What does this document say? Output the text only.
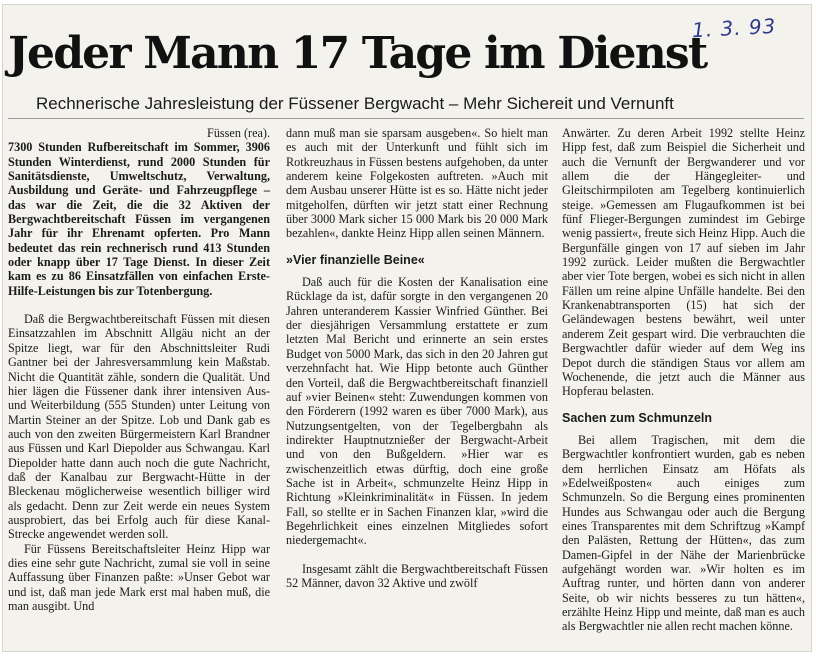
1. 3. 93
Jeder Mann 17 Tage im Dienst
Rechnerische Jahresleistung der Füssener Bergwacht – Mehr Sichereit und Vernunft

Füssen (rea).

7300 Stunden Rufbereitschaft im Sommer, 3906 Stunden Winterdienst, rund 2000 Stunden für Sanitätsdienste, Umweltschutz, Verwaltung, Ausbildung und Geräte- und Fahrzeugpflege – das war die Zeit, die die 32 Aktiven der Bergwachtbereitschaft Füssen im vergangenen Jahr für ihr Ehrenamt opferten. Pro Mann bedeutet das rein rechnerisch rund 413 Stunden oder knapp über 17 Tage Dienst. In dieser Zeit kam es zu 86 Einsatzfällen von einfachen Erste-Hilfe-Leistungen bis zur Totenbergung.

Daß die Bergwachtbereitschaft Füssen mit diesen Einsatzzahlen im Abschnitt Allgäu nicht an der Spitze liegt, war für den Abschnittsleiter Rudi Gantner bei der Jahresversammlung kein Maßstab. Nicht die Quantität zähle, sondern die Qualität. Und hier lägen die Füssener dank ihrer intensiven Aus- und Weiterbildung (555 Stunden) unter Leitung von Martin Steiner an der Spitze. Lob und Dank gab es auch von den zweiten Bürgermeistern Karl Brandner aus Füssen und Karl Diepolder aus Schwangau. Karl Diepolder hatte dann auch noch die gute Nachricht, daß der Kanalbau zur Bergwacht-Hütte in der Bleckenau möglicherweise wesentlich billiger wird als gedacht. Denn zur Zeit werde ein neues System ausprobiert, das bei Erfolg auch für diese Kanal-Strecke angewendet werden soll.

Für Füssens Bereitschaftsleiter Heinz Hipp war dies eine sehr gute Nachricht, zumal sie voll in seine Auffassung über Finanzen paßte: »Unser Gebot war und ist, daß man jede Mark erst mal haben muß, die man ausgibt. Und

dann muß man sie sparsam ausgeben«. So hielt man es auch mit der Unterkunft und fühlt sich im Rotkreuzhaus in Füssen bestens aufgehoben, da unter anderem keine Folgekosten auftreten. »Auch mit dem Ausbau unserer Hütte ist es so. Hätte nicht jeder mitgeholfen, dürften wir jetzt statt einer Rechnung über 3000 Mark sicher 15 000 Mark bis 20 000 Mark bezahlen«, dankte Heinz Hipp allen seinen Männern.

»Vier finanzielle Beine«

Daß auch für die Kosten der Kanalisation eine Rücklage da ist, dafür sorgte in den vergangenen 20 Jahren unteranderem Kassier Winfried Günther. Bei der diesjährigen Versammlung erstattete er zum letzten Mal Bericht und erinnerte an sein erstes Budget von 5000 Mark, das sich in den 20 Jahren gut verzehnfacht hat. Wie Hipp betonte auch Günther den Vorteil, daß die Bergwachtbereitschaft finanziell auf »vier Beinen« steht: Zuwendungen kommen von den Förderern (1992 waren es über 7000 Mark), aus Nutzungsentgelten, von der Tegelbergbahn als indirekter Hauptnutznießer der Bergwacht-Arbeit und von den Bußgeldern. »Hier war es zwischenzeitlich etwas dürftig, doch eine große Sache ist in Arbeit«, schmunzelte Heinz Hipp in Richtung »Kleinkriminalität« in Füssen. In jedem Fall, so stellte er in Sachen Finanzen klar, »wird die Begehrlichkeit eines einzelnen Mitgliedes sofort niedergemacht«.

Insgesamt zählt die Bergwachtbereitschaft Füssen 52 Männer, davon 32 Aktive und zwölf

Anwärter. Zu deren Arbeit 1992 stellte Heinz Hipp fest, daß zum Beispiel die Sicherheit und auch die Vernunft der Bergwanderer und vor allem die der Hängegleiter- und Gleitschirmpiloten am Tegelberg kontinuierlich steige. »Gemessen am Flugaufkommen ist bei fünf Flieger-Bergungen zumindest im Gebirge wenig passiert«, freute sich Heinz Hipp. Auch die Bergunfälle gingen von 17 auf sieben im Jahr 1992 zurück. Leider mußten die Bergwachtler aber vier Tote bergen, wobei es sich nicht in allen Fällen um reine alpine Unfälle handelte. Bei den Krankenabtransporten (15) hat sich der Geländewagen bestens bewährt, weil unter anderem Zeit gespart wird. Die verbrauchten die Bergwachtler dafür wieder auf dem Weg ins Depot durch die ständigen Staus vor allem am Wochenende, die jetzt auch die Männer aus Hopferau belasten.

Sachen zum Schmunzeln

Bei allem Tragischen, mit dem die Bergwachtler konfrontiert wurden, gab es neben dem herrlichen Einsatz am Höfats als »Edelweißposten« auch einiges zum Schmunzeln. So die Bergung eines prominenten Hundes aus Schwangau oder auch die Bergung eines Transparentes mit dem Schriftzug »Kampf den Palästen, Rettung der Hütten«, das zum Damen-Gipfel in der Nähe der Marienbrücke aufgehängt worden war. »Wir holten es im Auftrag runter, und hörten dann von anderer Seite, ob wir nichts besseres zu tun hätten«, erzählte Heinz Hipp und meinte, daß man es auch als Bergwachtler nie allen recht machen könne.
